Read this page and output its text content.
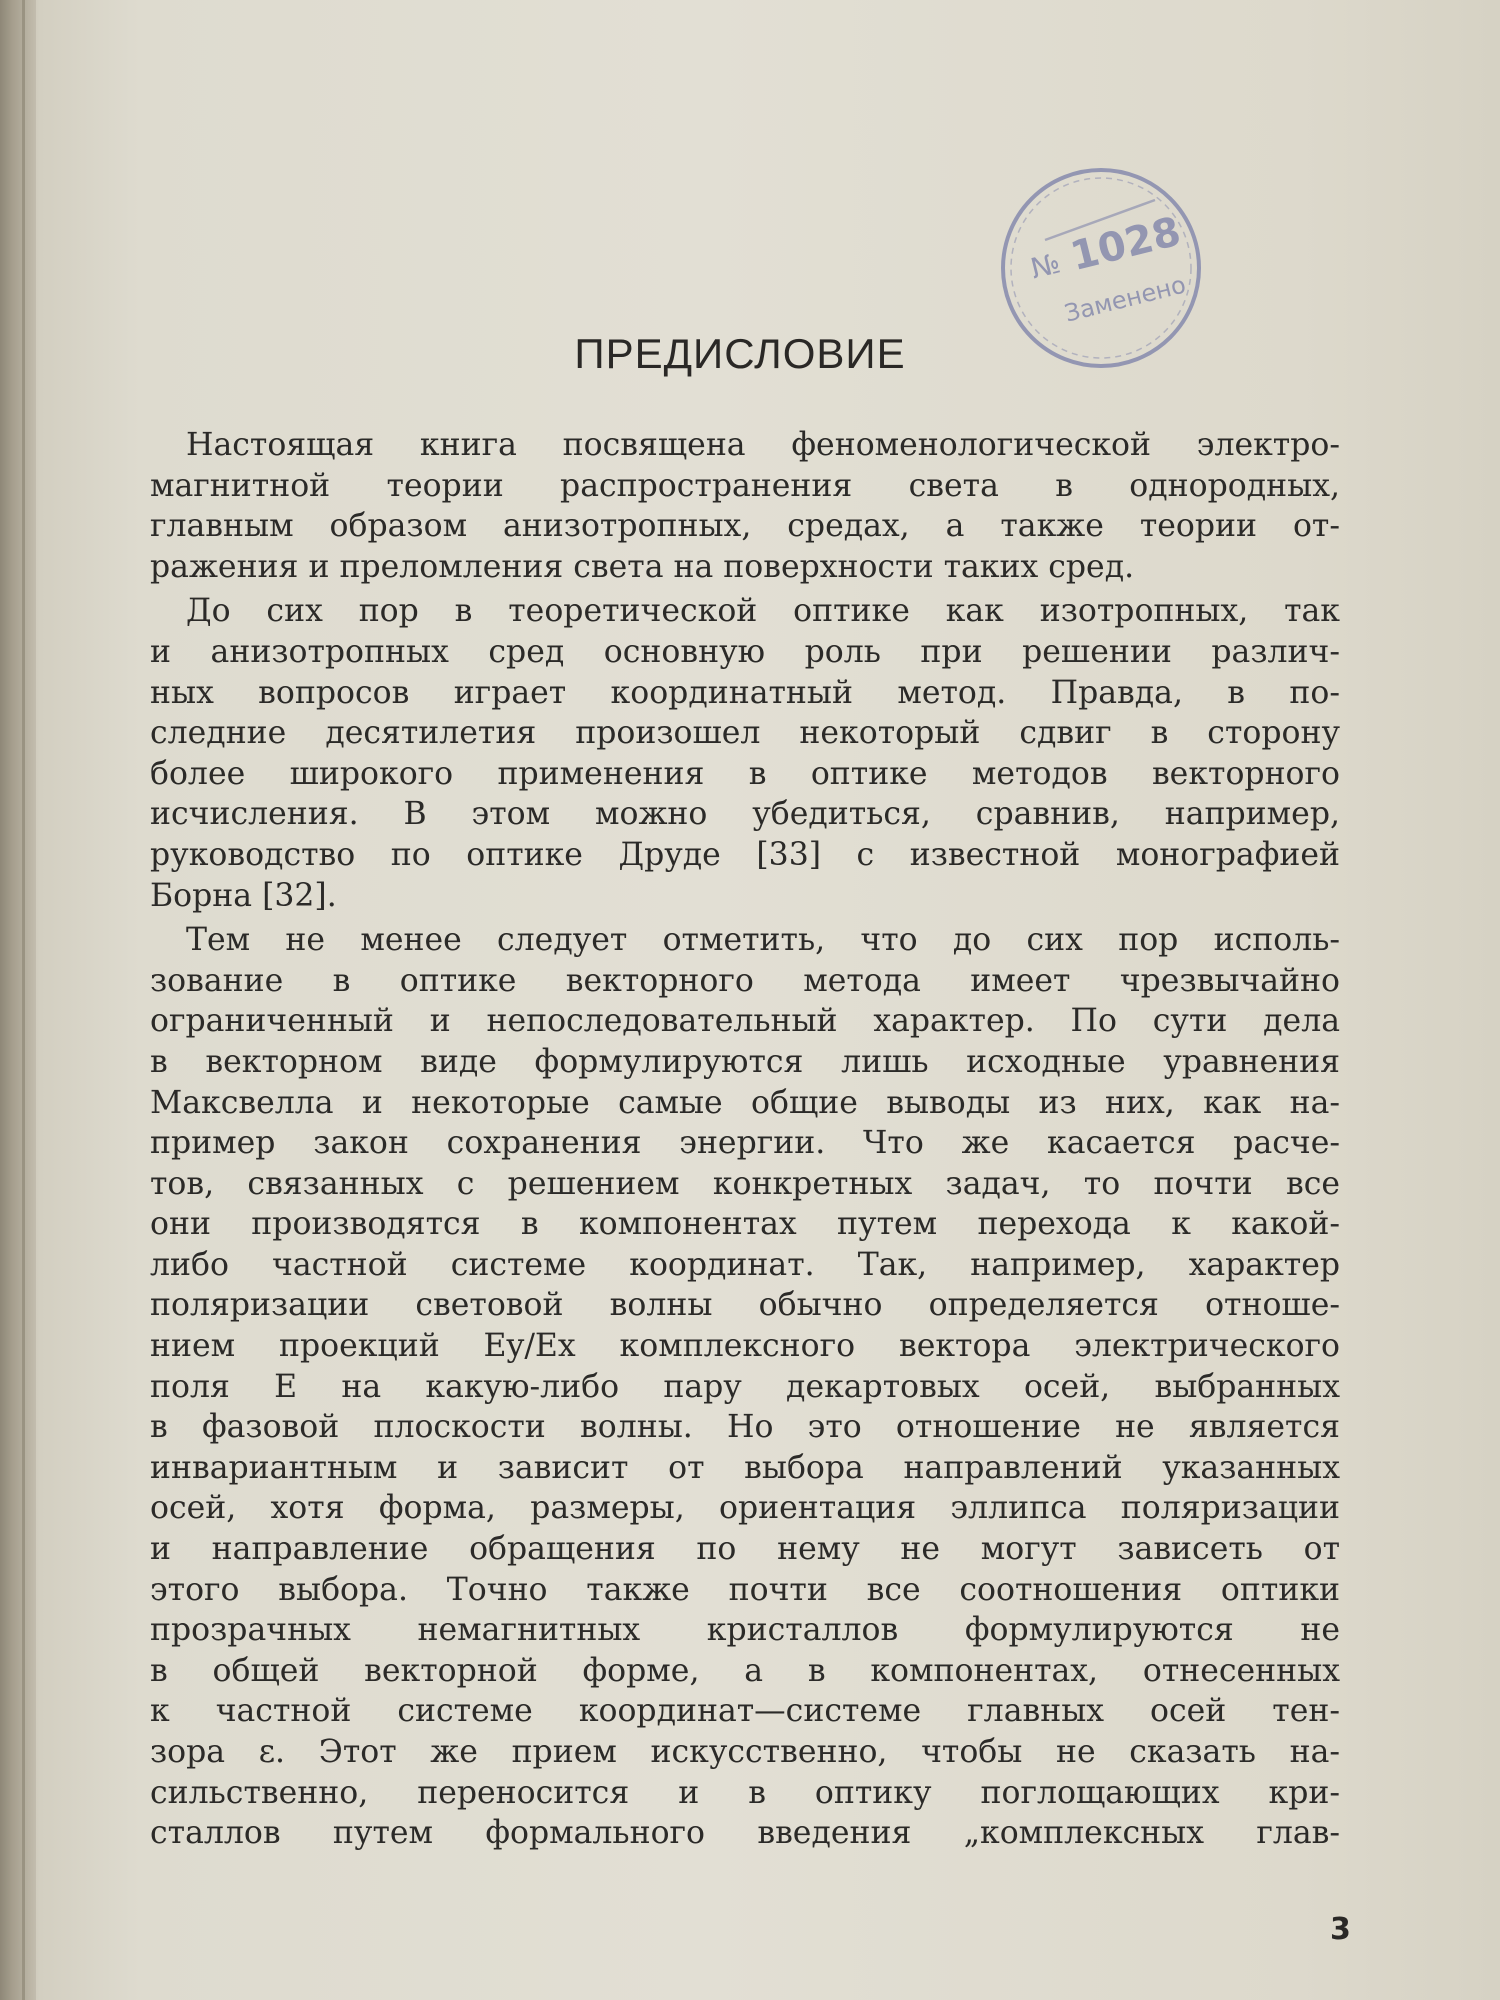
№ 1028
Заменено
ПРЕДИСЛОВИЕ
Настоящая книга посвящена феноменологической электро-
магнитной теории распространения света в однородных,
главным образом анизотропных, средах, а также теории от-
ражения и преломления света на поверхности таких сред.
До сих пор в теоретической оптике как изотропных, так
и анизотропных сред основную роль при решении различ-
ных вопросов играет координатный метод. Правда, в по-
следние десятилетия произошел некоторый сдвиг в сторону
более широкого применения в оптике методов векторного
исчисления. В этом можно убедиться, сравнив, например,
руководство по оптике Друде [33] с известной монографией
Борна [32].
Тем не менее следует отметить, что до сих пор исполь-
зование в оптике векторного метода имеет чрезвычайно
ограниченный и непоследовательный характер. По сути дела
в векторном виде формулируются лишь исходные уравнения
Максвелла и некоторые самые общие выводы из них, как на-
пример закон сохранения энергии. Что же касается расче-
тов, связанных с решением конкретных задач, то почти все
они производятся в компонентах путем перехода к какой-
либо частной системе координат. Так, например, характер
поляризации световой волны обычно определяется отноше-
нием проекций Ey/Ex комплексного вектора электрического
поля E на какую-либо пару декартовых осей, выбранных
в фазовой плоскости волны. Но это отношение не является
инвариантным и зависит от выбора направлений указанных
осей, хотя форма, размеры, ориентация эллипса поляризации
и направление обращения по нему не могут зависеть от
этого выбора. Точно также почти все соотношения оптики
прозрачных немагнитных кристаллов формулируются не
в общей векторной форме, а в компонентах, отнесенных
к частной системе координат—системе главных осей тен-
зора ε. Этот же прием искусственно, чтобы не сказать на-
сильственно, переносится и в оптику поглощающих кри-
сталлов путем формального введения „комплексных глав-
3
